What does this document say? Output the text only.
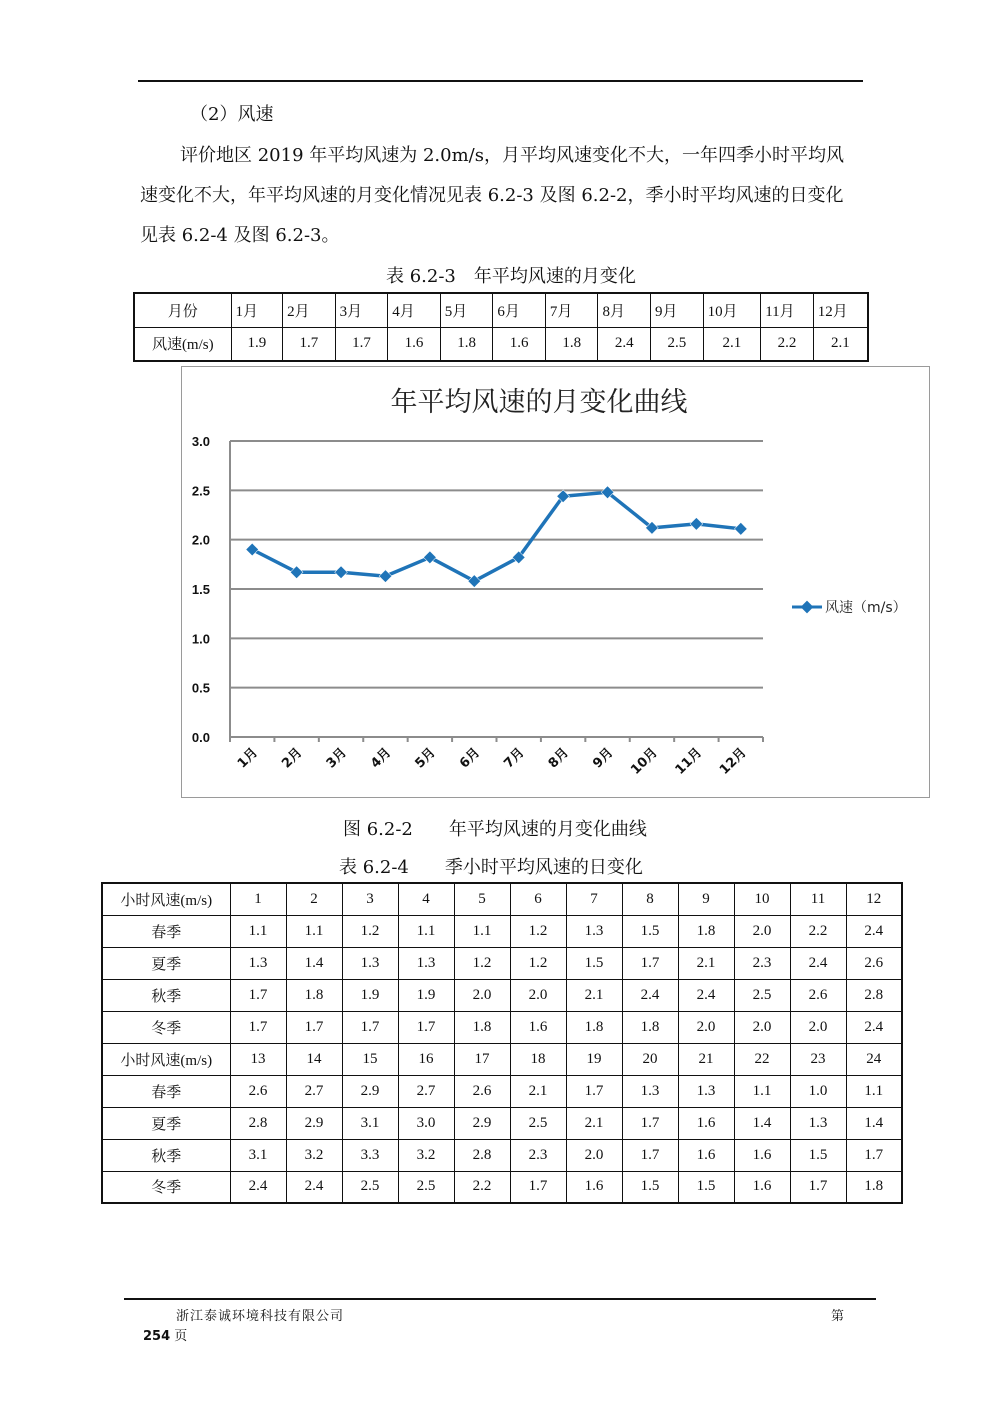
（2）风速
评价地区 2019 年平均风速为 2.0m/s，月平均风速变化不大，一年四季小时平均风速变化不大，年平均风速的月变化情况见表 6.2-3 及图 6.2-2，季小时平均风速的日变化见表 6.2-4 及图 6.2-3。
表 6.2-3　年平均风速的月变化
月份	1月	2月	3月	4月	5月	6月	7月	8月	9月	10月	11月	12月
风速(m/s)	1.9	1.7	1.7	1.6	1.8	1.6	1.8	2.4	2.5	2.1	2.2	2.1
年平均风速的月变化曲线
0.0
0.5
1.0
1.5
2.0
2.5
3.0
1月 2月 3月 4月 5月 6月 7月 8月 9月 10月 11月 12月
风速（m/s）
图 6.2-2　　年平均风速的月变化曲线
表 6.2-4　　季小时平均风速的日变化
小时风速(m/s)	1	2	3	4	5	6	7	8	9	10	11	12
春季	1.1	1.1	1.2	1.1	1.1	1.2	1.3	1.5	1.8	2.0	2.2	2.4
夏季	1.3	1.4	1.3	1.3	1.2	1.2	1.5	1.7	2.1	2.3	2.4	2.6
秋季	1.7	1.8	1.9	1.9	2.0	2.0	2.1	2.4	2.4	2.5	2.6	2.8
冬季	1.7	1.7	1.7	1.7	1.8	1.6	1.8	1.8	2.0	2.0	2.0	2.4
小时风速(m/s)	13	14	15	16	17	18	19	20	21	22	23	24
春季	2.6	2.7	2.9	2.7	2.6	2.1	1.7	1.3	1.3	1.1	1.0	1.1
夏季	2.8	2.9	3.1	3.0	2.9	2.5	2.1	1.7	1.6	1.4	1.3	1.4
秋季	3.1	3.2	3.3	3.2	2.8	2.3	2.0	1.7	1.6	1.6	1.5	1.7
冬季	2.4	2.4	2.5	2.5	2.2	1.7	1.6	1.5	1.5	1.6	1.7	1.8
浙江泰诚环境科技有限公司	第
254 页
